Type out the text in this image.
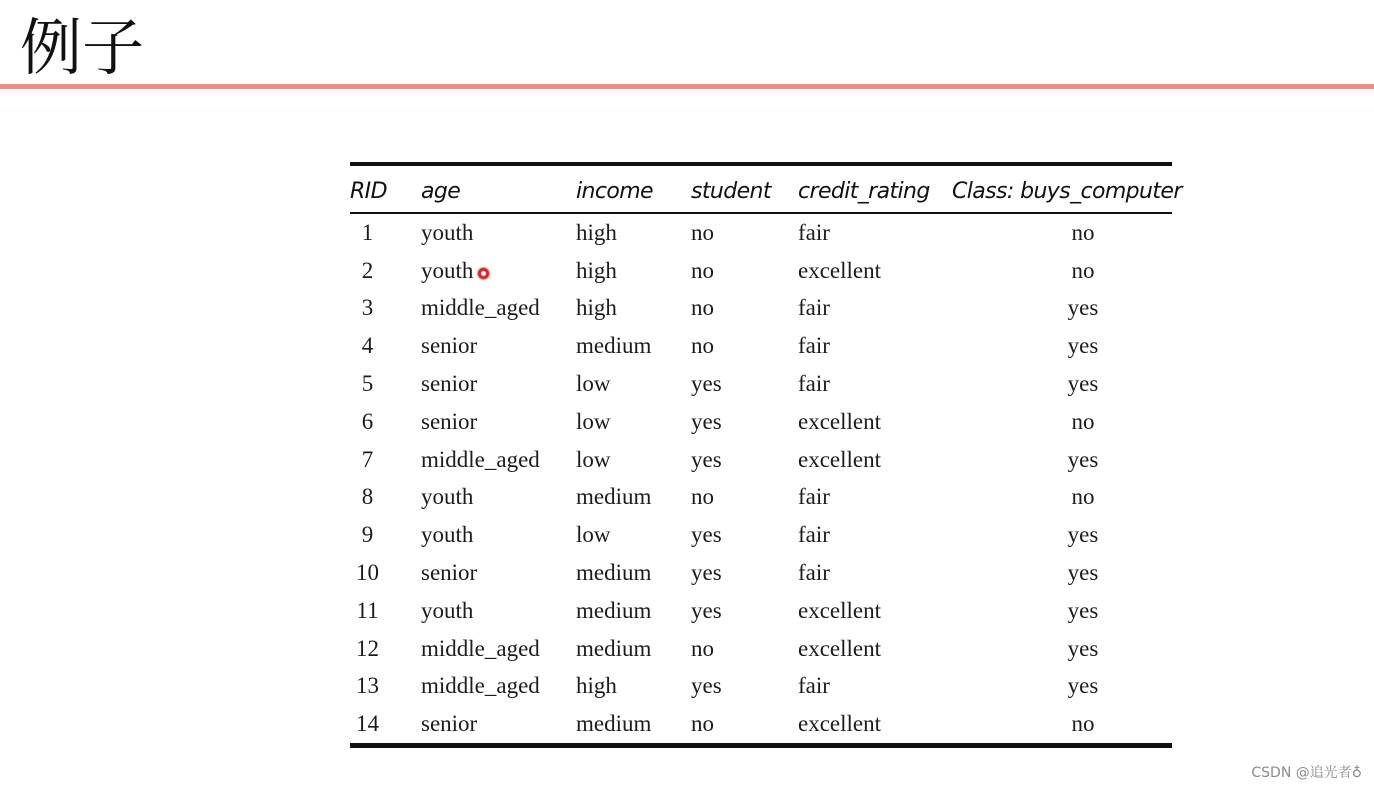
例子
RID	age	income	student	credit_rating	Class: buys_computer
1	youth	high	no	fair	no
2	youth	high	no	excellent	no
3	middle_aged	high	no	fair	yes
4	senior	medium	no	fair	yes
5	senior	low	yes	fair	yes
6	senior	low	yes	excellent	no
7	middle_aged	low	yes	excellent	yes
8	youth	medium	no	fair	no
9	youth	low	yes	fair	yes
10	senior	medium	yes	fair	yes
11	youth	medium	yes	excellent	yes
12	middle_aged	medium	no	excellent	yes
13	middle_aged	high	yes	fair	yes
14	senior	medium	no	excellent	no
CSDN @追光者♁
